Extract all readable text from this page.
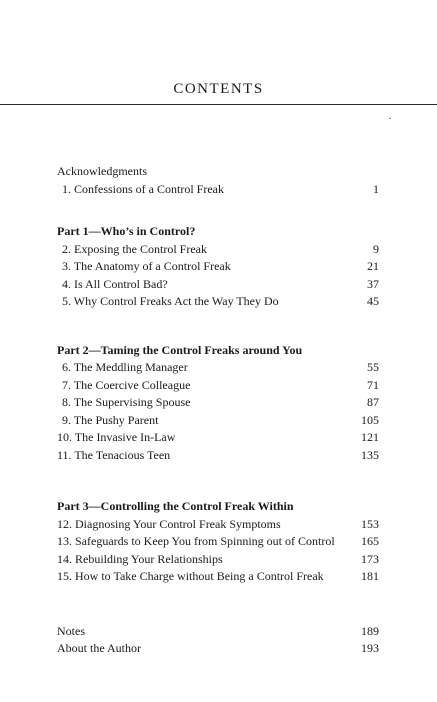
CONTENTS
Acknowledgments
1. Confessions of a Control Freak	1
Part 1—Who’s in Control?
2. Exposing the Control Freak	9
3. The Anatomy of a Control Freak	21
4. Is All Control Bad?	37
5. Why Control Freaks Act the Way They Do	45
Part 2—Taming the Control Freaks around You
6. The Meddling Manager	55
7. The Coercive Colleague	71
8. The Supervising Spouse	87
9. The Pushy Parent	105
10. The Invasive In-Law	121
11. The Tenacious Teen	135
Part 3—Controlling the Control Freak Within
12. Diagnosing Your Control Freak Symptoms	153
13. Safeguards to Keep You from Spinning out of Control	165
14. Rebuilding Your Relationships	173
15. How to Take Charge without Being a Control Freak	181
Notes	189
About the Author	193
